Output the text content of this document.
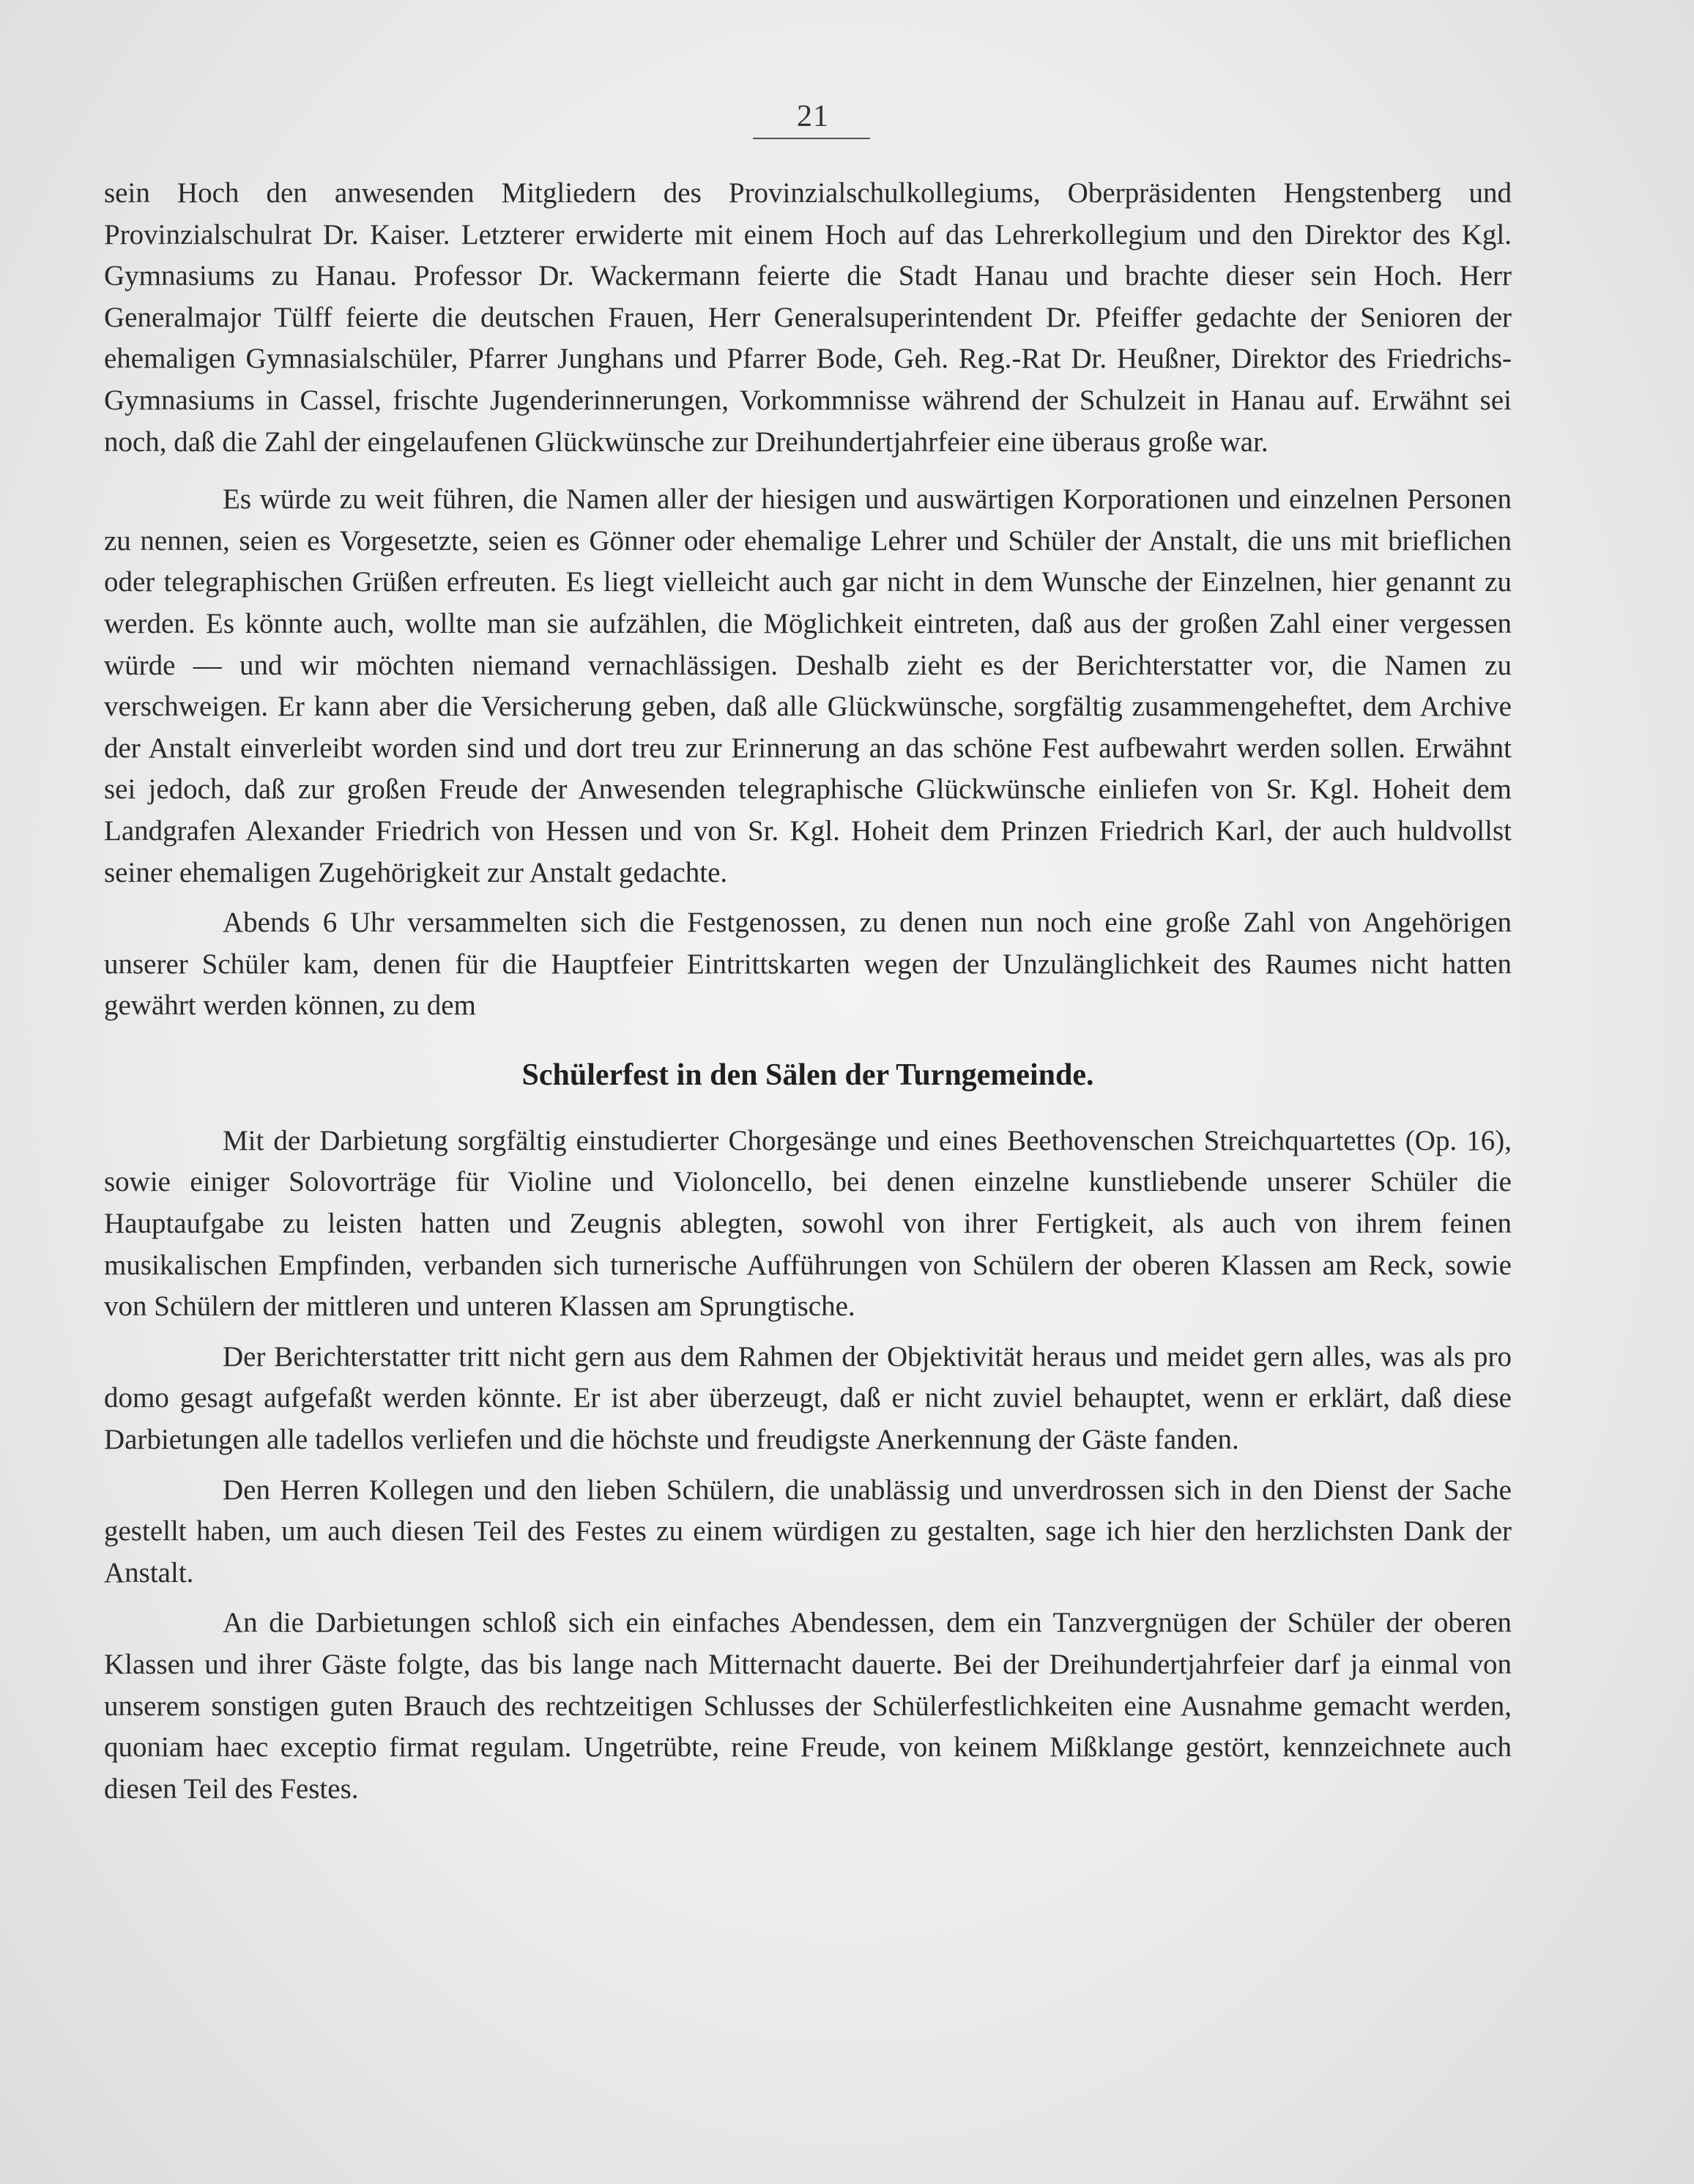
21

sein Hoch den anwesenden Mitgliedern des Provinzialschulkollegiums, Oberpräsidenten Hengstenberg und Provinzialschulrat Dr. Kaiser. Letzterer erwiderte mit einem Hoch auf das Lehrerkollegium und den Direktor des Kgl. Gymnasiums zu Hanau. Professor Dr. Wackermann feierte die Stadt Hanau und brachte dieser sein Hoch. Herr Generalmajor Tülff feierte die deutschen Frauen, Herr Generalsuperintendent Dr. Pfeiffer gedachte der Senioren der ehemaligen Gymnasialschüler, Pfarrer Junghans und Pfarrer Bode, Geh. Reg.-Rat Dr. Heußner, Direktor des Friedrichs-Gymnasiums in Cassel, frischte Jugenderinnerungen, Vorkommnisse während der Schulzeit in Hanau auf. Erwähnt sei noch, daß die Zahl der eingelaufenen Glückwünsche zur Dreihundertjahrfeier eine überaus große war.

Es würde zu weit führen, die Namen aller der hiesigen und auswärtigen Korporationen und einzelnen Personen zu nennen, seien es Vorgesetzte, seien es Gönner oder ehemalige Lehrer und Schüler der Anstalt, die uns mit brieflichen oder telegraphischen Grüßen erfreuten. Es liegt vielleicht auch gar nicht in dem Wunsche der Einzelnen, hier genannt zu werden. Es könnte auch, wollte man sie aufzählen, die Möglichkeit eintreten, daß aus der großen Zahl einer vergessen würde — und wir möchten niemand vernachlässigen. Deshalb zieht es der Berichterstatter vor, die Namen zu verschweigen. Er kann aber die Versicherung geben, daß alle Glückwünsche, sorgfältig zusammengeheftet, dem Archive der Anstalt einverleibt worden sind und dort treu zur Erinnerung an das schöne Fest aufbewahrt werden sollen. Erwähnt sei jedoch, daß zur großen Freude der Anwesenden telegraphische Glückwünsche einliefen von Sr. Kgl. Hoheit dem Landgrafen Alexander Friedrich von Hessen und von Sr. Kgl. Hoheit dem Prinzen Friedrich Karl, der auch huldvollst seiner ehemaligen Zugehörigkeit zur Anstalt gedachte.

Abends 6 Uhr versammelten sich die Festgenossen, zu denen nun noch eine große Zahl von Angehörigen unserer Schüler kam, denen für die Hauptfeier Eintrittskarten wegen der Unzulänglichkeit des Raumes nicht hatten gewährt werden können, zu dem

Schülerfest in den Sälen der Turngemeinde.

Mit der Darbietung sorgfältig einstudierter Chorgesänge und eines Beethovenschen Streichquartettes (Op. 16), sowie einiger Solovorträge für Violine und Violoncello, bei denen einzelne kunstliebende unserer Schüler die Hauptaufgabe zu leisten hatten und Zeugnis ablegten, sowohl von ihrer Fertigkeit, als auch von ihrem feinen musikalischen Empfinden, verbanden sich turnerische Aufführungen von Schülern der oberen Klassen am Reck, sowie von Schülern der mittleren und unteren Klassen am Sprungtische.

Der Berichterstatter tritt nicht gern aus dem Rahmen der Objektivität heraus und meidet gern alles, was als pro domo gesagt aufgefaßt werden könnte. Er ist aber überzeugt, daß er nicht zuviel behauptet, wenn er erklärt, daß diese Darbietungen alle tadellos verliefen und die höchste und freudigste Anerkennung der Gäste fanden.

Den Herren Kollegen und den lieben Schülern, die unablässig und unverdrossen sich in den Dienst der Sache gestellt haben, um auch diesen Teil des Festes zu einem würdigen zu gestalten, sage ich hier den herzlichsten Dank der Anstalt.

An die Darbietungen schloß sich ein einfaches Abendessen, dem ein Tanzvergnügen der Schüler der oberen Klassen und ihrer Gäste folgte, das bis lange nach Mitternacht dauerte. Bei der Dreihundertjahrfeier darf ja einmal von unserem sonstigen guten Brauch des rechtzeitigen Schlusses der Schülerfestlichkeiten eine Ausnahme gemacht werden, quoniam haec exceptio firmat regulam. Ungetrübte, reine Freude, von keinem Mißklange gestört, kennzeichnete auch diesen Teil des Festes.
